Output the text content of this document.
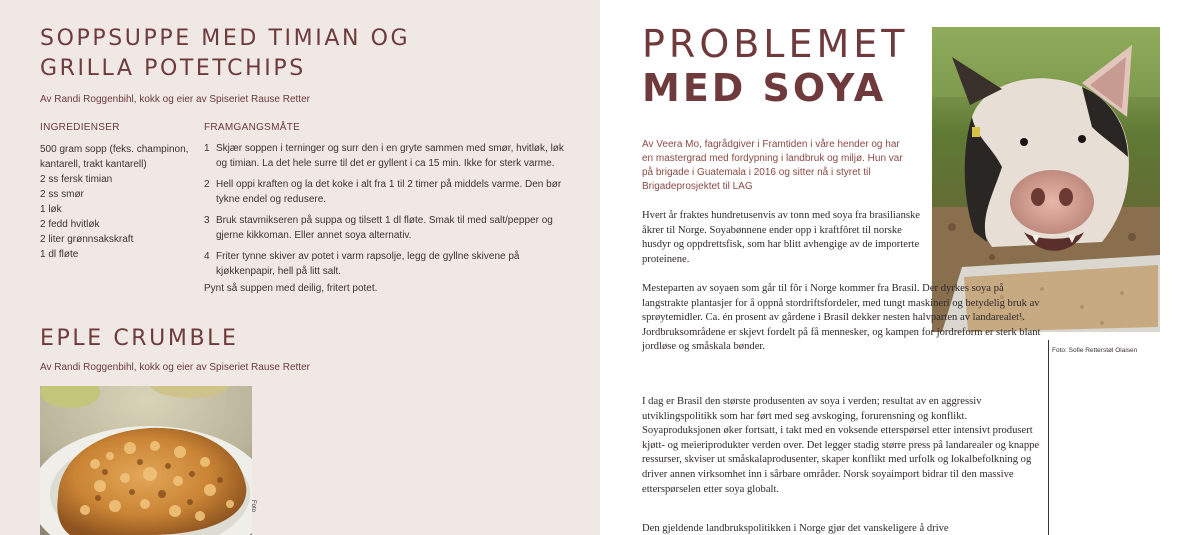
SOPPSUPPE MED TIMIAN OG GRILLA POTETCHIPS
Av Randi Roggenbihl, kokk og eier av Spiseriet Rause Retter
INGREDIENSER	FRAMGANGSMÅTE
500 gram sopp (feks. champinon, kantarell, trakt kantarell)
2 ss fersk timian
2 ss smør
1 løk
2 fedd hvitløk
2 liter grønnsakskraft
1 dl fløte
1 Skjær soppen i terninger og surr den i en gryte sammen med smør, hvitløk, løk og timian. La det hele surre til det er gyllent i ca 15 min. Ikke for sterk varme.
2 Hell oppi kraften og la det koke i alt fra 1 til 2 timer på middels varme. Den bør tykne endel og redusere.
3 Bruk stavmikseren på suppa og tilsett 1 dl fløte. Smak til med salt/pepper og gjerne kikkoman. Eller annet soya alternativ.
4 Friter tynne skiver av potet i varm rapsolje, legg de gyllne skivene på kjøkkenpapir, hell på litt salt.
Pynt så suppen med deilig, fritert potet.
EPLE CRUMBLE
Av Randi Roggenbihl, kokk og eier av Spiseriet Rause Retter
Foto
PROBLEMET
MED SOYA
Av Veera Mo, fagrådgiver i Framtiden i våre hender og har en mastergrad med fordypning i landbruk og miljø. Hun var på brigade i Guatemala i 2016 og sitter nå i styret til Brigadeprosjektet til LAG
Foto: Sofie Retterstøl Olaisen

Hvert år fraktes hundretusenvis av tonn med soya fra brasilianske åkrer til Norge. Soyabønnene ender opp i kraftfôret til norske husdyr og oppdrettsfisk, som har blitt avhengige av de importerte proteinene.

Mesteparten av soyaen som går til fôr i Norge kommer fra Brasil. Der dyrkes soya på langstrakte plantasjer for å oppnå stordriftsfordeler, med tungt maskineri og betydelig bruk av sprøytemidler. Ca. én prosent av gårdene i Brasil dekker nesten halvparten av landarealet¹. Jordbruksområdene er skjevt fordelt på få mennesker, og kampen for jordreform er sterk blant jordløse og småskala bønder.

I dag er Brasil den største produsenten av soya i verden; resultat av en aggressiv utviklingspolitikk som har ført med seg avskoging, forurensning og konflikt. Soyaproduksjonen øker fortsatt, i takt med en voksende etterspørsel etter intensivt produsert kjøtt- og meieriprodukter verden over. Det legger stadig større press på landarealer og knappe ressurser, skviser ut småskalaprodusenter, skaper konflikt med urfolk og lokalbefolkning og driver annen virksomhet inn i sårbare områder. Norsk soyaimport bidrar til den massive etterspørselen etter soya globalt.

Den gjeldende landbrukspolitikken i Norge gjør det vanskeligere å drive
